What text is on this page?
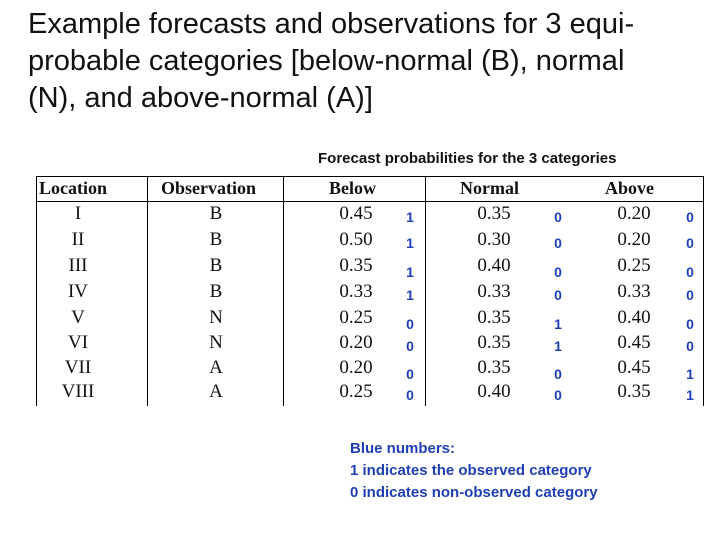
Example forecasts and observations for 3 equi-
probable categories [below-normal (B), normal
(N), and above-normal (A)]
Forecast probabilities for the 3 categories
Location	Observation	Below	Normal	Above
I	B	0.45 1	0.35	0	0.20	0
II	B	0.50 1	0.30	0	0.20	0
III	B	0.35 1	0.40	0	0.25	0
IV	B	0.33 1	0.33	0	0.33	0
V	N	0.25 0	0.35	1	0.40	0
VI	N	0.20 0	0.35	1	0.45	0
VII	A	0.20 0	0.35	0	0.45	1
VIII	A	0.25 0	0.40	0	0.35	1
Blue numbers:
1 indicates the observed category
0 indicates non-observed category
